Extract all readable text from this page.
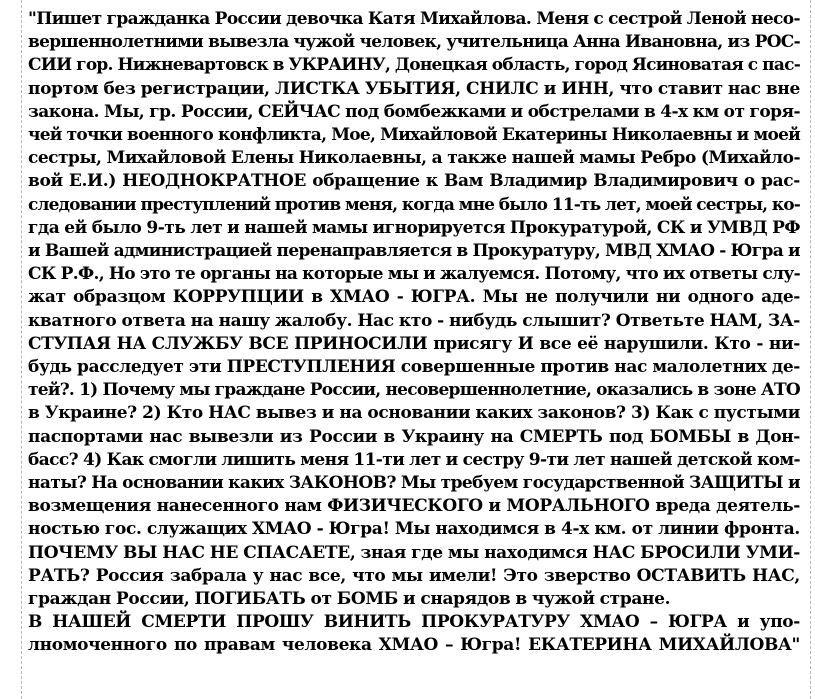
"Пишет гражданка России девочка Катя Михайлова. Меня с сестрой Леной несо-
вершеннолетними вывезла чужой человек, учительница Анна Ивановна, из РОС-
СИИ гор. Нижневартовск в УКРАИНУ, Донецкая область, город Ясиноватая с пас-
портом без регистрации, ЛИСТКА УБЫТИЯ, СНИЛС и ИНН, что ставит нас вне
закона. Мы, гр. России, СЕЙЧАС под бомбежками и обстрелами в 4-х км от горя-
чей точки военного конфликта, Мое, Михайловой Екатерины Николаевны и моей
сестры, Михайловой Елены Николаевны, а также нашей мамы Ребро (Михайло-
вой Е.И.) НЕОДНОКРАТНОЕ обращение к Вам Владимир Владимирович о рас-
следовании преступлений против меня, когда мне было 11-ть лет, моей сестры, ко-
гда ей было 9-ть лет и нашей мамы игнорируется Прокуратурой, СК и УМВД РФ
и Вашей администрацией перенаправляется в Прокуратуру, МВД ХМАО - Югра и
СК Р.Ф., Но это те органы на которые мы и жалуемся. Потому, что их ответы слу-
жат образцом КОРРУПЦИИ в ХМАО - ЮГРА. Мы не получили ни одного аде-
кватного ответа на нашу жалобу. Нас кто - нибудь слышит? Ответьте НАМ, ЗА-
СТУПАЯ НА СЛУЖБУ ВСЕ ПРИНОСИЛИ присягу И все её нарушили. Кто - ни-
будь расследует эти ПРЕСТУПЛЕНИЯ совершенные против нас малолетних де-
тей?. 1) Почему мы граждане России, несовершеннолетние, оказались в зоне АТО
в Украине? 2) Кто НАС вывез и на основании каких законов? 3) Как с пустыми
паспортами нас вывезли из России в Украину на СМЕРТЬ под БОМБЫ в Дон-
басс? 4) Как смогли лишить меня 11-ти лет и сестру 9-ти лет нашей детской ком-
наты? На основании каких ЗАКОНОВ? Мы требуем государственной ЗАЩИТЫ и
возмещения нанесенного нам ФИЗИЧЕСКОГО и МОРАЛЬНОГО вреда деятель-
ностью гос. служащих ХМАО - Югра! Мы находимся в 4-х км. от линии фронта.
ПОЧЕМУ ВЫ НАС НЕ СПАСАЕТЕ, зная где мы находимся НАС БРОСИЛИ УМИ-
РАТЬ? Россия забрала у нас все, что мы имели! Это зверство ОСТАВИТЬ НАС,
граждан России, ПОГИБАТЬ от БОМБ и снарядов в чужой стране.
В НАШЕЙ СМЕРТИ ПРОШУ ВИНИТЬ ПРОКУРАТУРУ ХМАО – ЮГРА и упо-
лномоченного по правам человека ХМАО – Югра! ЕКАТЕРИНА МИХАЙЛОВА"
